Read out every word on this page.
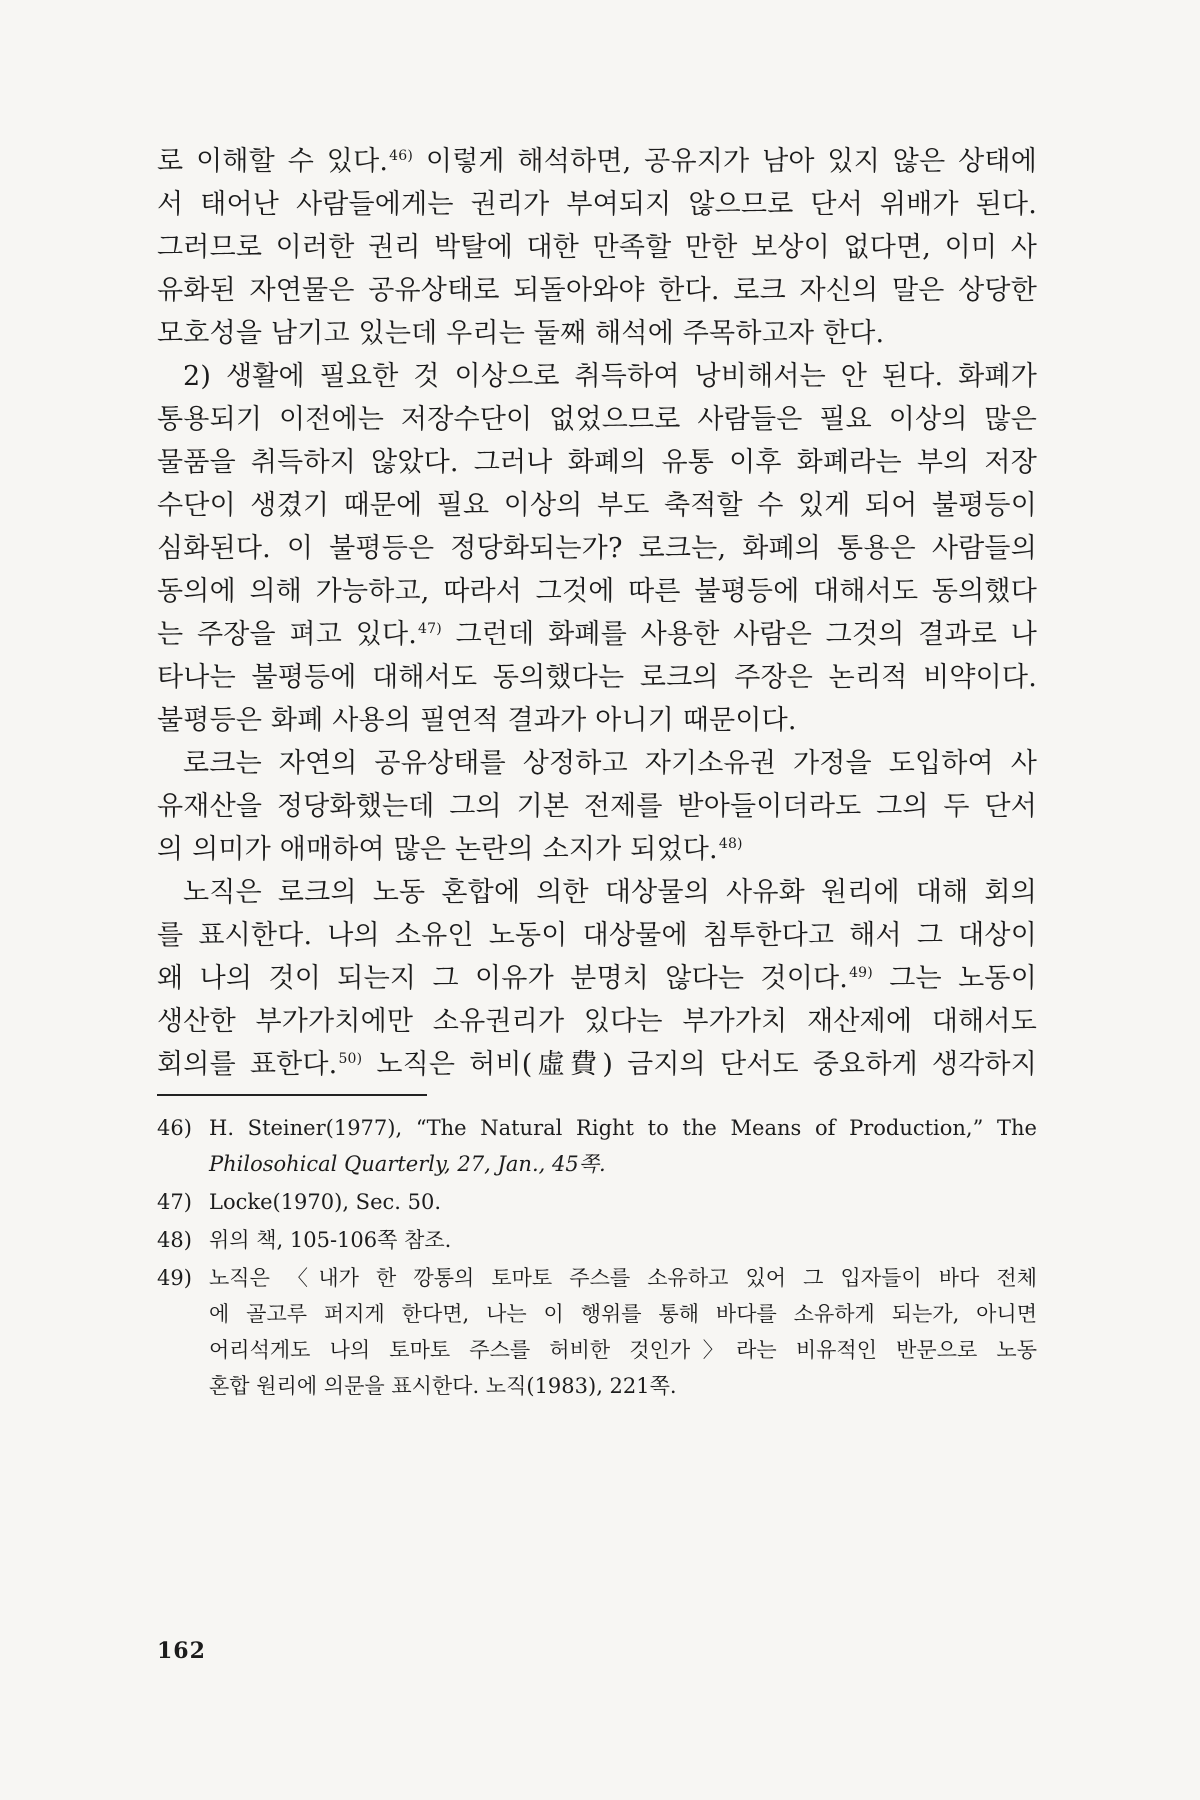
로 이해할 수 있다.$^{46)}$ 이렇게 해석하면, 공유지가 남아 있지 않은 상태에

서 태어난 사람들에게는 권리가 부여되지 않으므로 단서 위배가 된다.

그러므로 이러한 권리 박탈에 대한 만족할 만한 보상이 없다면, 이미 사

유화된 자연물은 공유상태로 되돌아와야 한다. 로크 자신의 말은 상당한

모호성을 남기고 있는데 우리는 둘째 해석에 주목하고자 한다.

2) 생활에 필요한 것 이상으로 취득하여 낭비해서는 안 된다. 화폐가

통용되기 이전에는 저장수단이 없었으므로 사람들은 필요 이상의 많은

물품을 취득하지 않았다. 그러나 화폐의 유통 이후 화폐라는 부의 저장

수단이 생겼기 때문에 필요 이상의 부도 축적할 수 있게 되어 불평등이

심화된다. 이 불평등은 정당화되는가? 로크는, 화폐의 통용은 사람들의

동의에 의해 가능하고, 따라서 그것에 따른 불평등에 대해서도 동의했다

는 주장을 펴고 있다.$^{47)}$ 그런데 화폐를 사용한 사람은 그것의 결과로 나

타나는 불평등에 대해서도 동의했다는 로크의 주장은 논리적 비약이다.

불평등은 화폐 사용의 필연적 결과가 아니기 때문이다.

로크는 자연의 공유상태를 상정하고 자기소유권 가정을 도입하여 사

유재산을 정당화했는데 그의 기본 전제를 받아들이더라도 그의 두 단서

의 의미가 애매하여 많은 논란의 소지가 되었다.$^{48)}$

노직은 로크의 노동 혼합에 의한 대상물의 사유화 원리에 대해 회의

를 표시한다. 나의 소유인 노동이 대상물에 침투한다고 해서 그 대상이

왜 나의 것이 되는지 그 이유가 분명치 않다는 것이다.$^{49)}$ 그는 노동이

생산한 부가가치에만 소유권리가 있다는 부가가치 재산제에 대해서도

회의를 표한다.$^{50)}$ 노직은 허비(虛費) 금지의 단서도 중요하게 생각하지

46) H. Steiner(1977), “The Natural Right to the Means of Production,” The
Philosohical Quarterly, 27, Jan., 45쪽.
47) Locke(1970), Sec. 50.
48) 위의 책, 105-106쪽 참조.
49) 노직은 〈내가 한 깡통의 토마토 주스를 소유하고 있어 그 입자들이 바다 전체
에 골고루 퍼지게 한다면, 나는 이 행위를 통해 바다를 소유하게 되는가, 아니면
어리석게도 나의 토마토 주스를 허비한 것인가〉라는 비유적인 반문으로 노동
혼합 원리에 의문을 표시한다. 노직(1983), 221쪽.
162
